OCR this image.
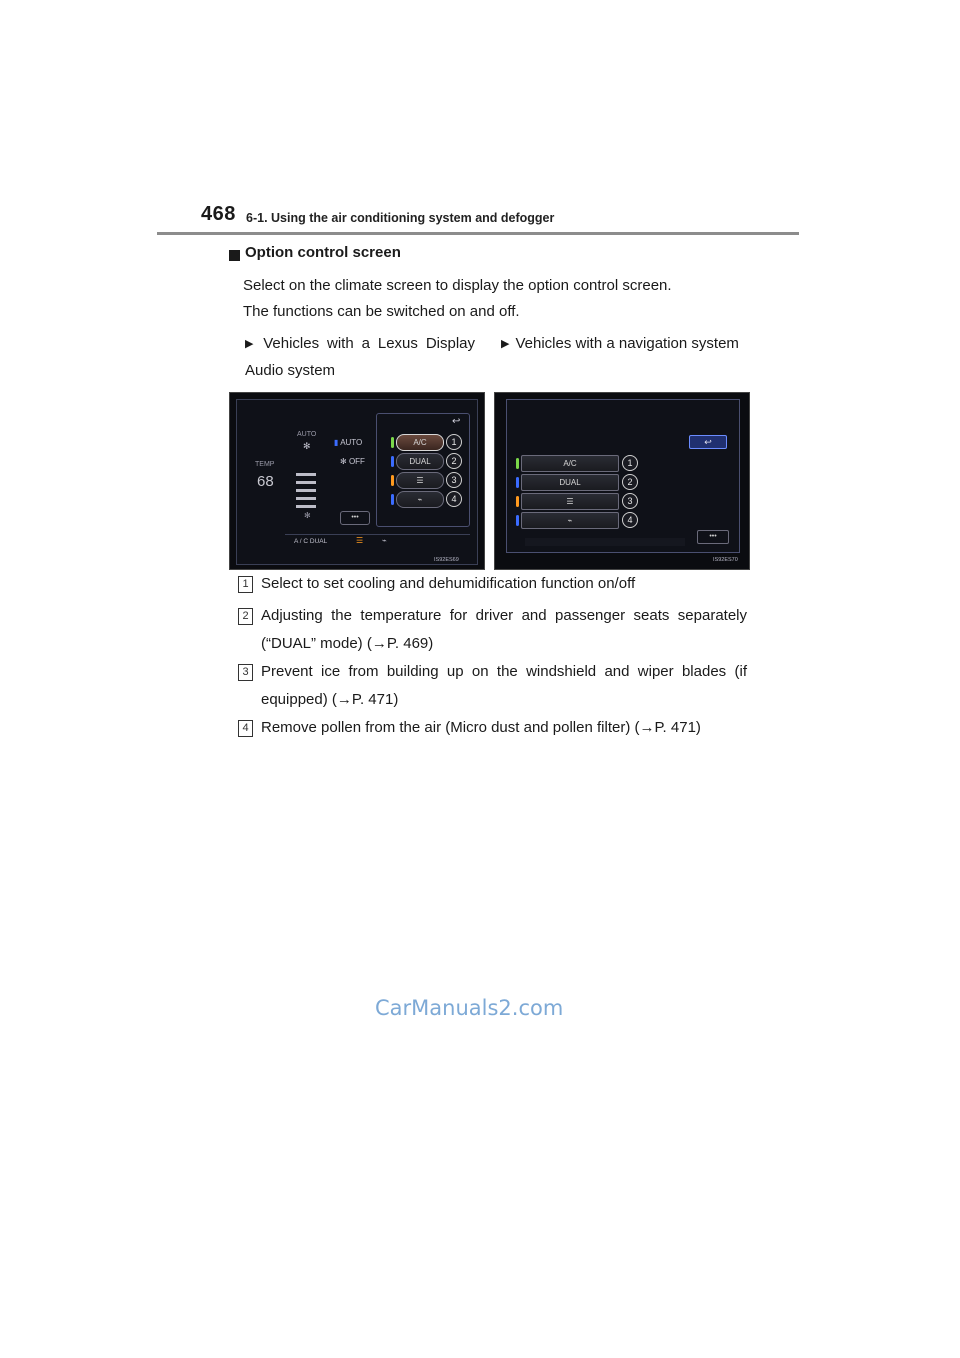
468 6-1. Using the air conditioning system and defogger
Option control screen
Select on the climate screen to display the option control screen.
The functions can be switched on and off.
▶ Vehicles with a Lexus Display Audio system
▶ Vehicles with a navigation system
TEMP
68
AUTO
✻
✻
▮ AUTO
✻ OFF
↩
A/C
DUAL
☰
⌁
1
2
3
4
•••
A / C DUAL	☰ ⌁
IS92ES69
↩
A/C
DUAL
☰
⌁
1
2
3
4
•••
IS92ES70
1 Select to set cooling and dehumidification function on/off
2 Adjusting the temperature for driver and passenger seats separately (“DUAL” mode) (→P. 469)
3 Prevent ice from building up on the windshield and wiper blades (if equipped) (→P. 471)
4 Remove pollen from the air (Micro dust and pollen filter) (→P. 471)
CarManuals2.com
